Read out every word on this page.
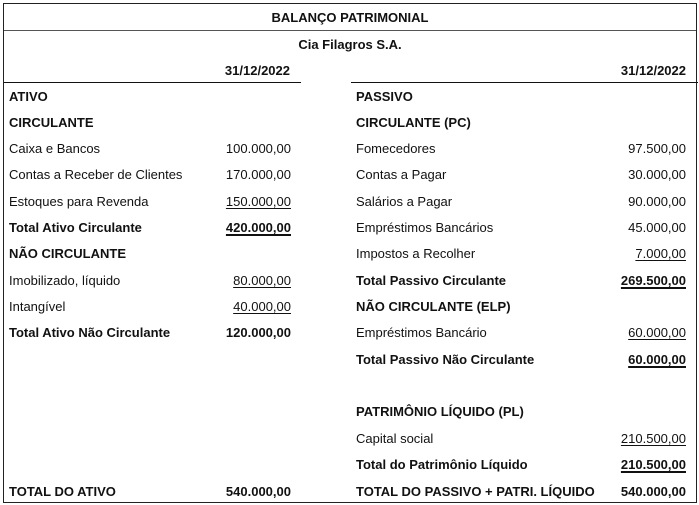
BALANÇO PATRIMONIAL
Cia Filagros S.A.
31/12/2022	31/12/2022
ATIVO
CIRCULANTE
Caixa e Bancos	100.000,00
Contas a Receber de Clientes	170.000,00
Estoques para Revenda	150.000,00
Total Ativo Circulante	420.000,00
NÃO CIRCULANTE
Imobilizado, líquido	80.000,00
Intangível	40.000,00
Total Ativo Não Circulante	120.000,00
TOTAL DO ATIVO	540.000,00
PASSIVO
CIRCULANTE (PC)
Fomecedores	97.500,00
Contas a Pagar	30.000,00
Salários a Pagar	90.000,00
Empréstimos Bancários	45.000,00
Impostos a Recolher	7.000,00
Total Passivo Circulante	269.500,00
NÃO CIRCULANTE (ELP)
Empréstimos Bancário	60.000,00
Total Passivo Não Circulante	60.000,00
PATRIMÔNIO LÍQUIDO (PL)
Capital social	210.500,00
Total do Patrimônio Líquido	210.500,00
TOTAL DO PASSIVO + PATRI. LÍQUIDO 540.000,00
